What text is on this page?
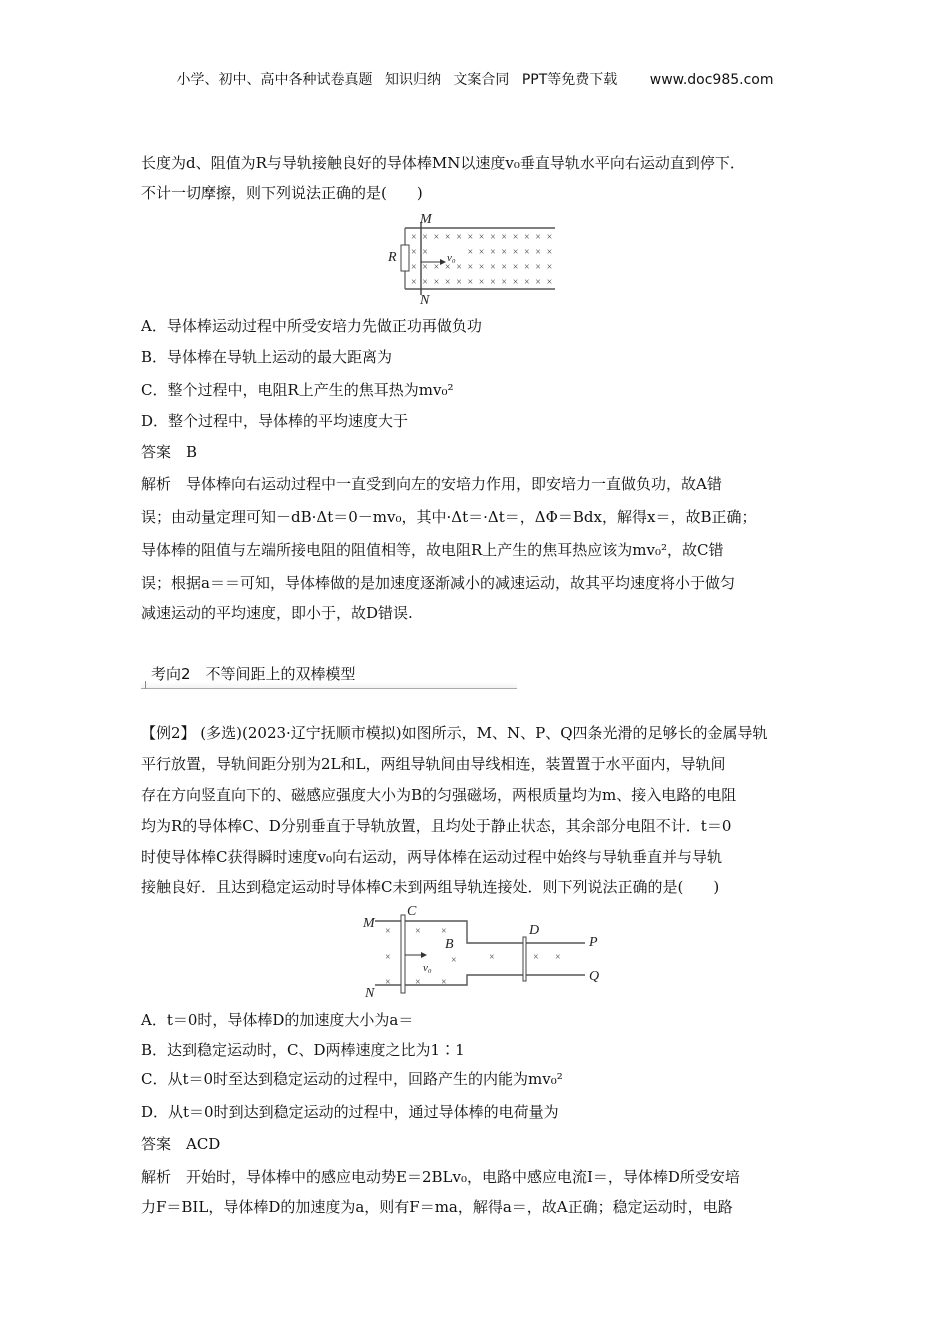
小学、初中、高中各种试卷真题 知识归纳 文案合同 PPT等免费下载 www.doc985.com
长度为d、阻值为R与导轨接触良好的导体棒MN以速度v₀垂直导轨水平向右运动直到停下．
不计一切摩擦，则下列说法正确的是(　　)
× × × × × × × × × × × × ×
× ×	× × × × × × × ×
× × × × × × × × × × × × ×
× × × × × × × × × × × × ×
M
N
R	v₀
A．导体棒运动过程中所受安培力先做正功再做负功
B．导体棒在导轨上运动的最大距离为
C．整个过程中，电阻R上产生的焦耳热为mv₀²
D．整个过程中，导体棒的平均速度大于
答案　B
解析　导体棒向右运动过程中一直受到向左的安培力作用，即安培力一直做负功，故A错
误；由动量定理可知－dB·Δt＝0－mv₀，其中·Δt＝·Δt＝，ΔΦ＝Bdx，解得x＝，故B正确；
导体棒的阻值与左端所接电阻的阻值相等，故电阻R上产生的焦耳热应该为mv₀²，故C错
误；根据a＝＝可知，导体棒做的是加速度逐渐减小的减速运动，故其平均速度将小于做匀
减速运动的平均速度，即小于，故D错误.
考向2　不等间距上的双棒模型
【例2】 (多选)(2023·辽宁抚顺市模拟)如图所示，M、N、P、Q四条光滑的足够长的金属导轨
平行放置，导轨间距分别为2L和L，两组导轨间由导线相连，装置置于水平面内，导轨间
存在方向竖直向下的、磁感应强度大小为B的匀强磁场，两根质量均为m、接入电路的电阻
均为R的导体棒C、D分别垂直于导轨放置，且均处于静止状态，其余部分电阻不计．t＝0
时使导体棒C获得瞬时速度v₀向右运动，两导体棒在运动过程中始终与导轨垂直并与导轨
接触良好．且达到稳定运动时导体棒C未到两组导轨连接处．则下列说法正确的是(　　)
× × ×
×	×	×	× ×
× × ×
M
N
C
D
B
v₀
P
Q
A．t＝0时，导体棒D的加速度大小为a＝
B．达到稳定运动时，C、D两棒速度之比为1∶1
C．从t＝0时至达到稳定运动的过程中，回路产生的内能为mv₀²
D．从t＝0时到达到稳定运动的过程中，通过导体棒的电荷量为
答案　ACD
解析　开始时，导体棒中的感应电动势E＝2BLv₀，电路中感应电流I＝，导体棒D所受安培
力F＝BIL，导体棒D的加速度为a，则有F＝ma，解得a＝，故A正确；稳定运动时，电路
